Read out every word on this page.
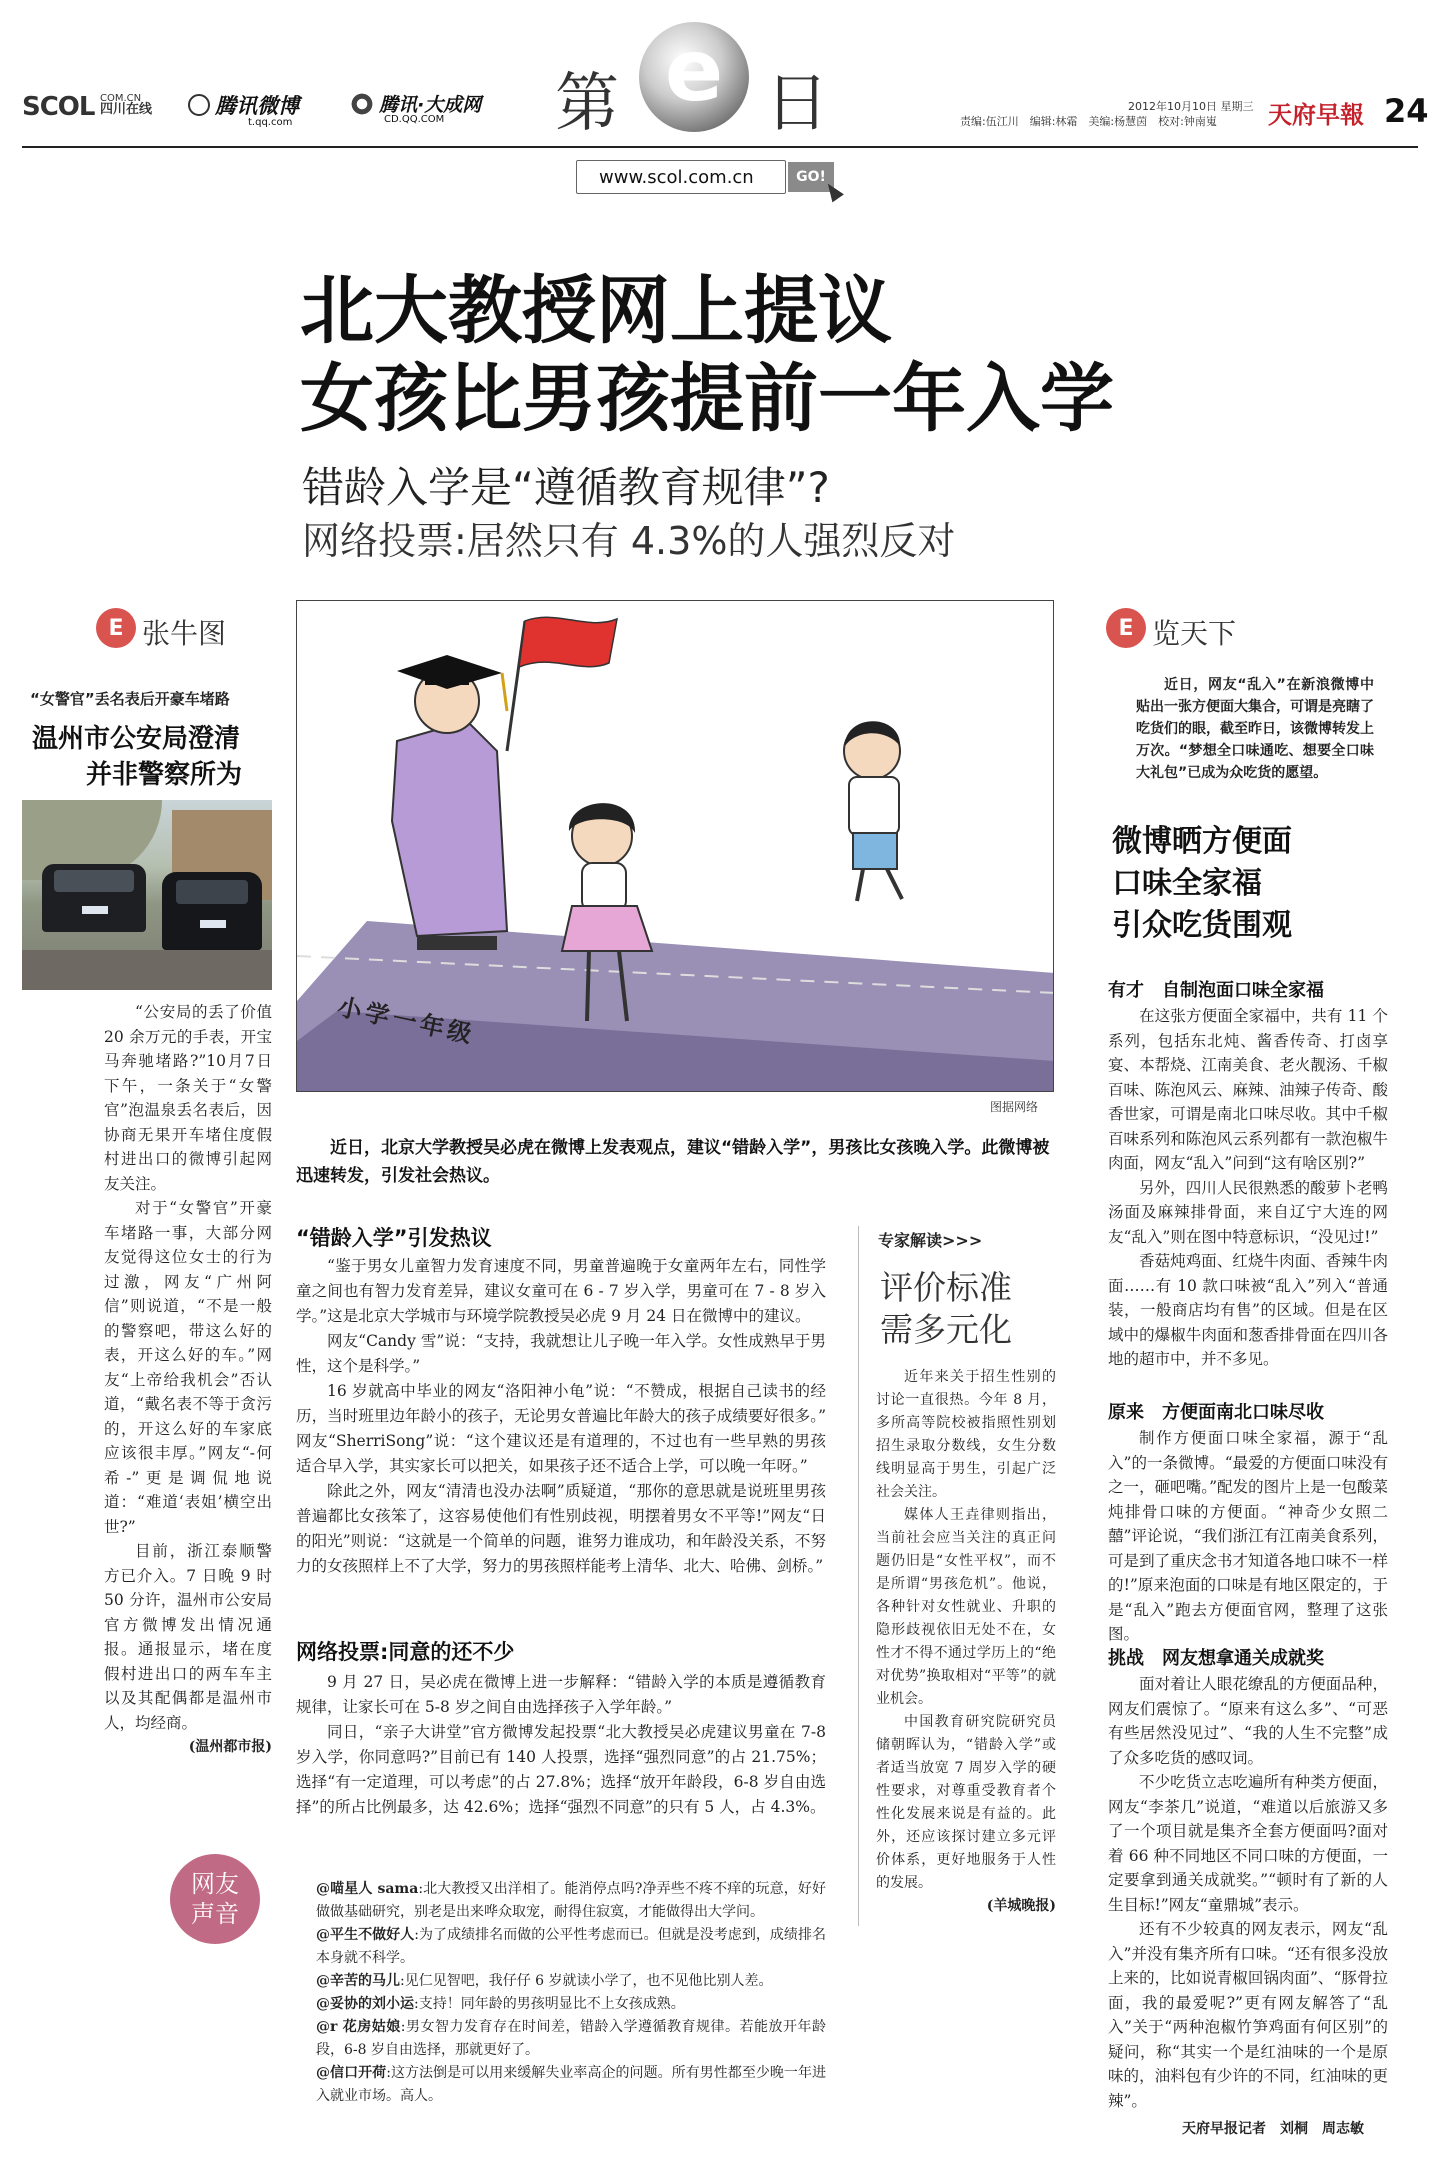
SCOL COM.CN
四川在线	腾讯微博
t.qq.com
腾讯·大成网
CD.QQ.COM	第 e 日	2012年10月10日 星期三
责编:伍江川　编辑:林霜　美编:杨慧茵　校对:钟南嵬 天府早報 24
www.scol.com.cn	GO!
北大教授网上提议
女孩比男孩提前一年入学
错龄入学是“遵循教育规律”?
网络投票:居然只有 4.3%的人强烈反对
E 张牛图
“女警官”丢名表后开豪车堵路
温州市公安局澄清
并非警察所为

“公安局的丢了价值 20 余万元的手表，开宝马奔驰堵路?”10月7日下午，一条关于“女警官”泡温泉丢名表后，因协商无果开车堵住度假村进出口的微博引起网友关注。

对于“女警官”开豪车堵路一事，大部分网友觉得这位女士的行为过激，网友“广州阿信”则说道，“不是一般的警察吧，带这么好的表，开这么好的车。”网友“上帝给我机会”否认道，“戴名表不等于贪污的，开这么好的车家底应该很丰厚。”网友“-何希-”更是调侃地说道：“难道‘表姐’横空出世?”

目前，浙江泰顺警方已介入。7 日晚 9 时 50 分许，温州市公安局官方微博发出情况通报。通报显示，堵在度假村进出口的两车车主以及其配偶都是温州市人，均经商。

(温州都市报)
小学一年级
图据网络
近日，北京大学教授吴必虎在微博上发表观点，建议“错龄入学”，男孩比女孩晚入学。此微博被迅速转发，引发社会热议。
“错龄入学”引发热议

“鉴于男女儿童智力发育速度不同，男童普遍晚于女童两年左右，同性学童之间也有智力发育差异，建议女童可在 6 - 7 岁入学，男童可在 7 - 8 岁入学。”这是北京大学城市与环境学院教授吴必虎 9 月 24 日在微博中的建议。

网友“Candy 雪”说：“支持，我就想让儿子晚一年入学。女性成熟早于男性，这个是科学。”

16 岁就高中毕业的网友“洛阳神小龟”说：“不赞成，根据自己读书的经历，当时班里边年龄小的孩子，无论男女普遍比年龄大的孩子成绩要好很多。”　网友“SherriSong”说：“这个建议还是有道理的，不过也有一些早熟的男孩适合早入学，其实家长可以把关，如果孩子还不适合上学，可以晚一年呀。”

除此之外，网友“清清也没办法啊”质疑道，“那你的意思就是说班里男孩普遍都比女孩笨了，这容易使他们有性别歧视，明摆着男女不平等!”网友“日的阳光”则说：“这就是一个简单的问题，谁努力谁成功，和年龄没关系，不努力的女孩照样上不了大学，努力的男孩照样能考上清华、北大、哈佛、剑桥。”

网络投票:同意的还不少

9 月 27 日，吴必虎在微博上进一步解释：“错龄入学的本质是遵循教育规律，让家长可在 5-8 岁之间自由选择孩子入学年龄。”

同日，“亲子大讲堂”官方微博发起投票“北大教授吴必虎建议男童在 7-8 岁入学，你同意吗?”目前已有 140 人投票，选择“强烈同意”的占 21.75%；选择“有一定道理，可以考虑”的占 27.8%；选择“放开年龄段，6-8 岁自由选择”的所占比例最多，达 42.6%；选择“强烈不同意”的只有 5 人，占 4.3%。

网友
声音
@喵星人 sama:北大教授又出洋相了。能消停点吗?净弄些不疼不痒的玩意，好好做做基础研究，别老是出来哗众取宠，耐得住寂寞，才能做得出大学问。
@平生不做好人:为了成绩排名而做的公平性考虑而已。但就是没考虑到，成绩排名本身就不科学。
@辛苦的马儿:见仁见智吧，我仔仔 6 岁就读小学了，也不见他比别人差。
@妥协的刘小运:支持！同年龄的男孩明显比不上女孩成熟。
@r 花房姑娘:男女智力发育存在时间差，错龄入学遵循教育规律。若能放开年龄段，6-8 岁自由选择，那就更好了。
@信口开荷:这方法倒是可以用来缓解失业率高企的问题。所有男性都至少晚一年进入就业市场。高人。
专家解读>>>
评价标准
需多元化

近年来关于招生性别的讨论一直很热。今年 8 月，多所高等院校被指照性别划招生录取分数线，女生分数线明显高于男生，引起广泛社会关注。

媒体人王垚律则指出，当前社会应当关注的真正问题仍旧是“女性平权”，而不是所谓“男孩危机”。他说，各种针对女性就业、升职的隐形歧视依旧无处不在，女性才不得不通过学历上的“绝对优势”换取相对“平等”的就业机会。

中国教育研究院研究员储朝晖认为，“错龄入学”或者适当放宽 7 周岁入学的硬性要求，对尊重受教育者个性化发展来说是有益的。此外，还应该探讨建立多元评价体系，更好地服务于人性的发展。

(羊城晚报)
E 览天下
近日，网友“乱入”在新浪微博中贴出一张方便面大集合，可谓是亮瞎了吃货们的眼，截至昨日，该微博转发上万次。“梦想全口味通吃、想要全口味大礼包”已成为众吃货的愿望。
微博晒方便面
口味全家福
引众吃货围观
有才　 自制泡面口味全家福

在这张方便面全家福中，共有 11 个系列，包括东北炖、酱香传奇、打卤享宴、本帮烧、江南美食、老火靓汤、千椒百味、陈泡风云、麻辣、油辣子传奇、酸香世家，可谓是南北口味尽收。其中千椒百味系列和陈泡风云系列都有一款泡椒牛肉面，网友“乱入”问到“这有啥区别?”

另外，四川人民很熟悉的酸萝卜老鸭汤面及麻辣排骨面，来自辽宁大连的网友“乱入”则在图中特意标识，“没见过!”

香菇炖鸡面、红烧牛肉面、香辣牛肉面……有 10 款口味被“乱入”列入“普通装，一般商店均有售”的区域。但是在区域中的爆椒牛肉面和葱香排骨面在四川各地的超市中，并不多见。

原来　 方便面南北口味尽收

制作方便面口味全家福，源于“乱入”的一条微博。“最爱的方便面口味没有之一，砸吧嘴。”配发的图片上是一包酸菜炖排骨口味的方便面。“神奇少女照二囍”评论说，“我们浙江有江南美食系列，可是到了重庆念书才知道各地口味不一样的!”原来泡面的口味是有地区限定的，于是“乱入”跑去方便面官网，整理了这张图。

挑战　 网友想拿通关成就奖

面对着让人眼花缭乱的方便面品种，网友们震惊了。“原来有这么多”、“可恶有些居然没见过”、“我的人生不完整”成了众多吃货的感叹词。

不少吃货立志吃遍所有种类方便面，网友“李茶几”说道，“难道以后旅游又多了一个项目就是集齐全套方便面吗?面对着 66 种不同地区不同口味的方便面，一定要拿到通关成就奖。”“顿时有了新的人生目标!”网友“童鼎城”表示。

还有不少较真的网友表示，网友“乱入”并没有集齐所有口味。“还有很多没放上来的，比如说青椒回锅肉面”、“豚骨拉面，我的最爱呢?”更有网友解答了“乱入”关于“两种泡椒竹笋鸡面有何区别”的疑问，称“其实一个是红油味的一个是原味的，油料包有少许的不同，红油味的更辣”。

天府早报记者　刘桐　周志敏
